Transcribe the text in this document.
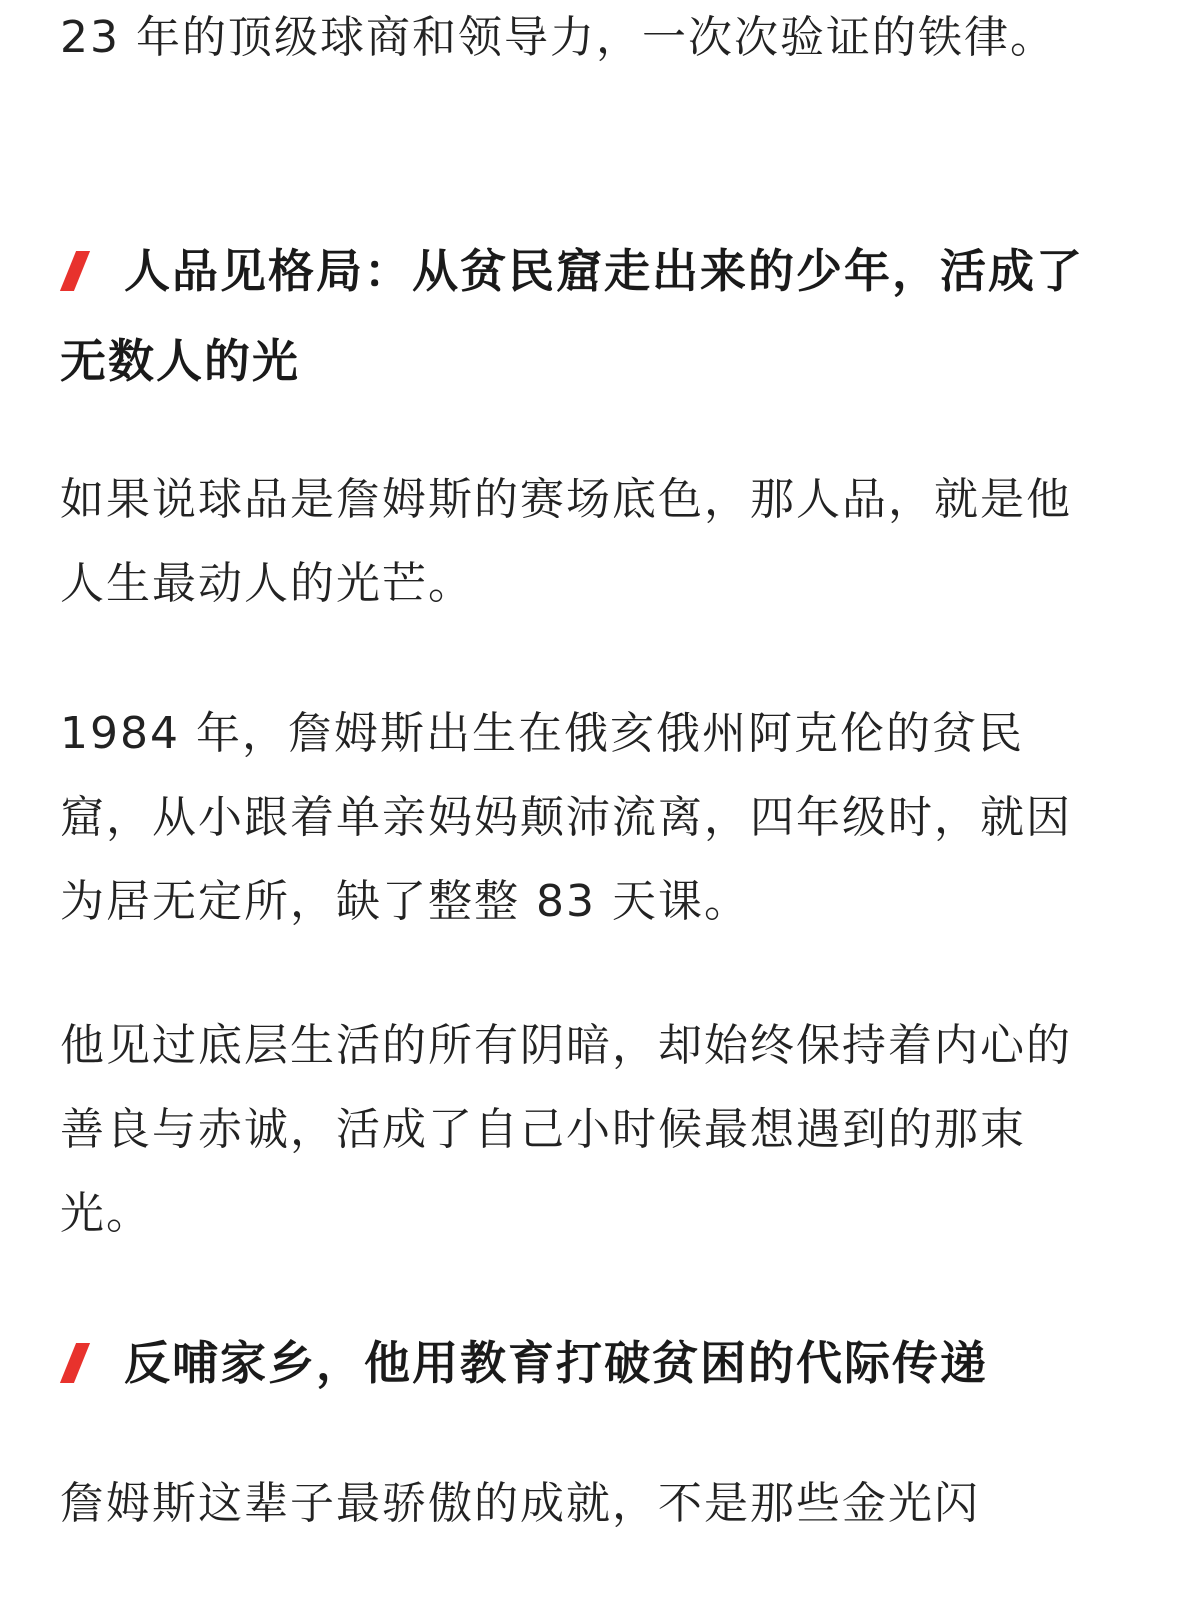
23 年的顶级球商和领导力，一次次验证的铁律。

人品见格局：从贫民窟走出来的少年，活成了无数人的光

如果说球品是詹姆斯的赛场底色，那人品，就是他人生最动人的光芒。

1984 年，詹姆斯出生在俄亥俄州阿克伦的贫民窟，从小跟着单亲妈妈颠沛流离，四年级时，就因为居无定所，缺了整整 83 天课。

他见过底层生活的所有阴暗，却始终保持着内心的善良与赤诚，活成了自己小时候最想遇到的那束光。

反哺家乡，他用教育打破贫困的代际传递

詹姆斯这辈子最骄傲的成就，不是那些金光闪
